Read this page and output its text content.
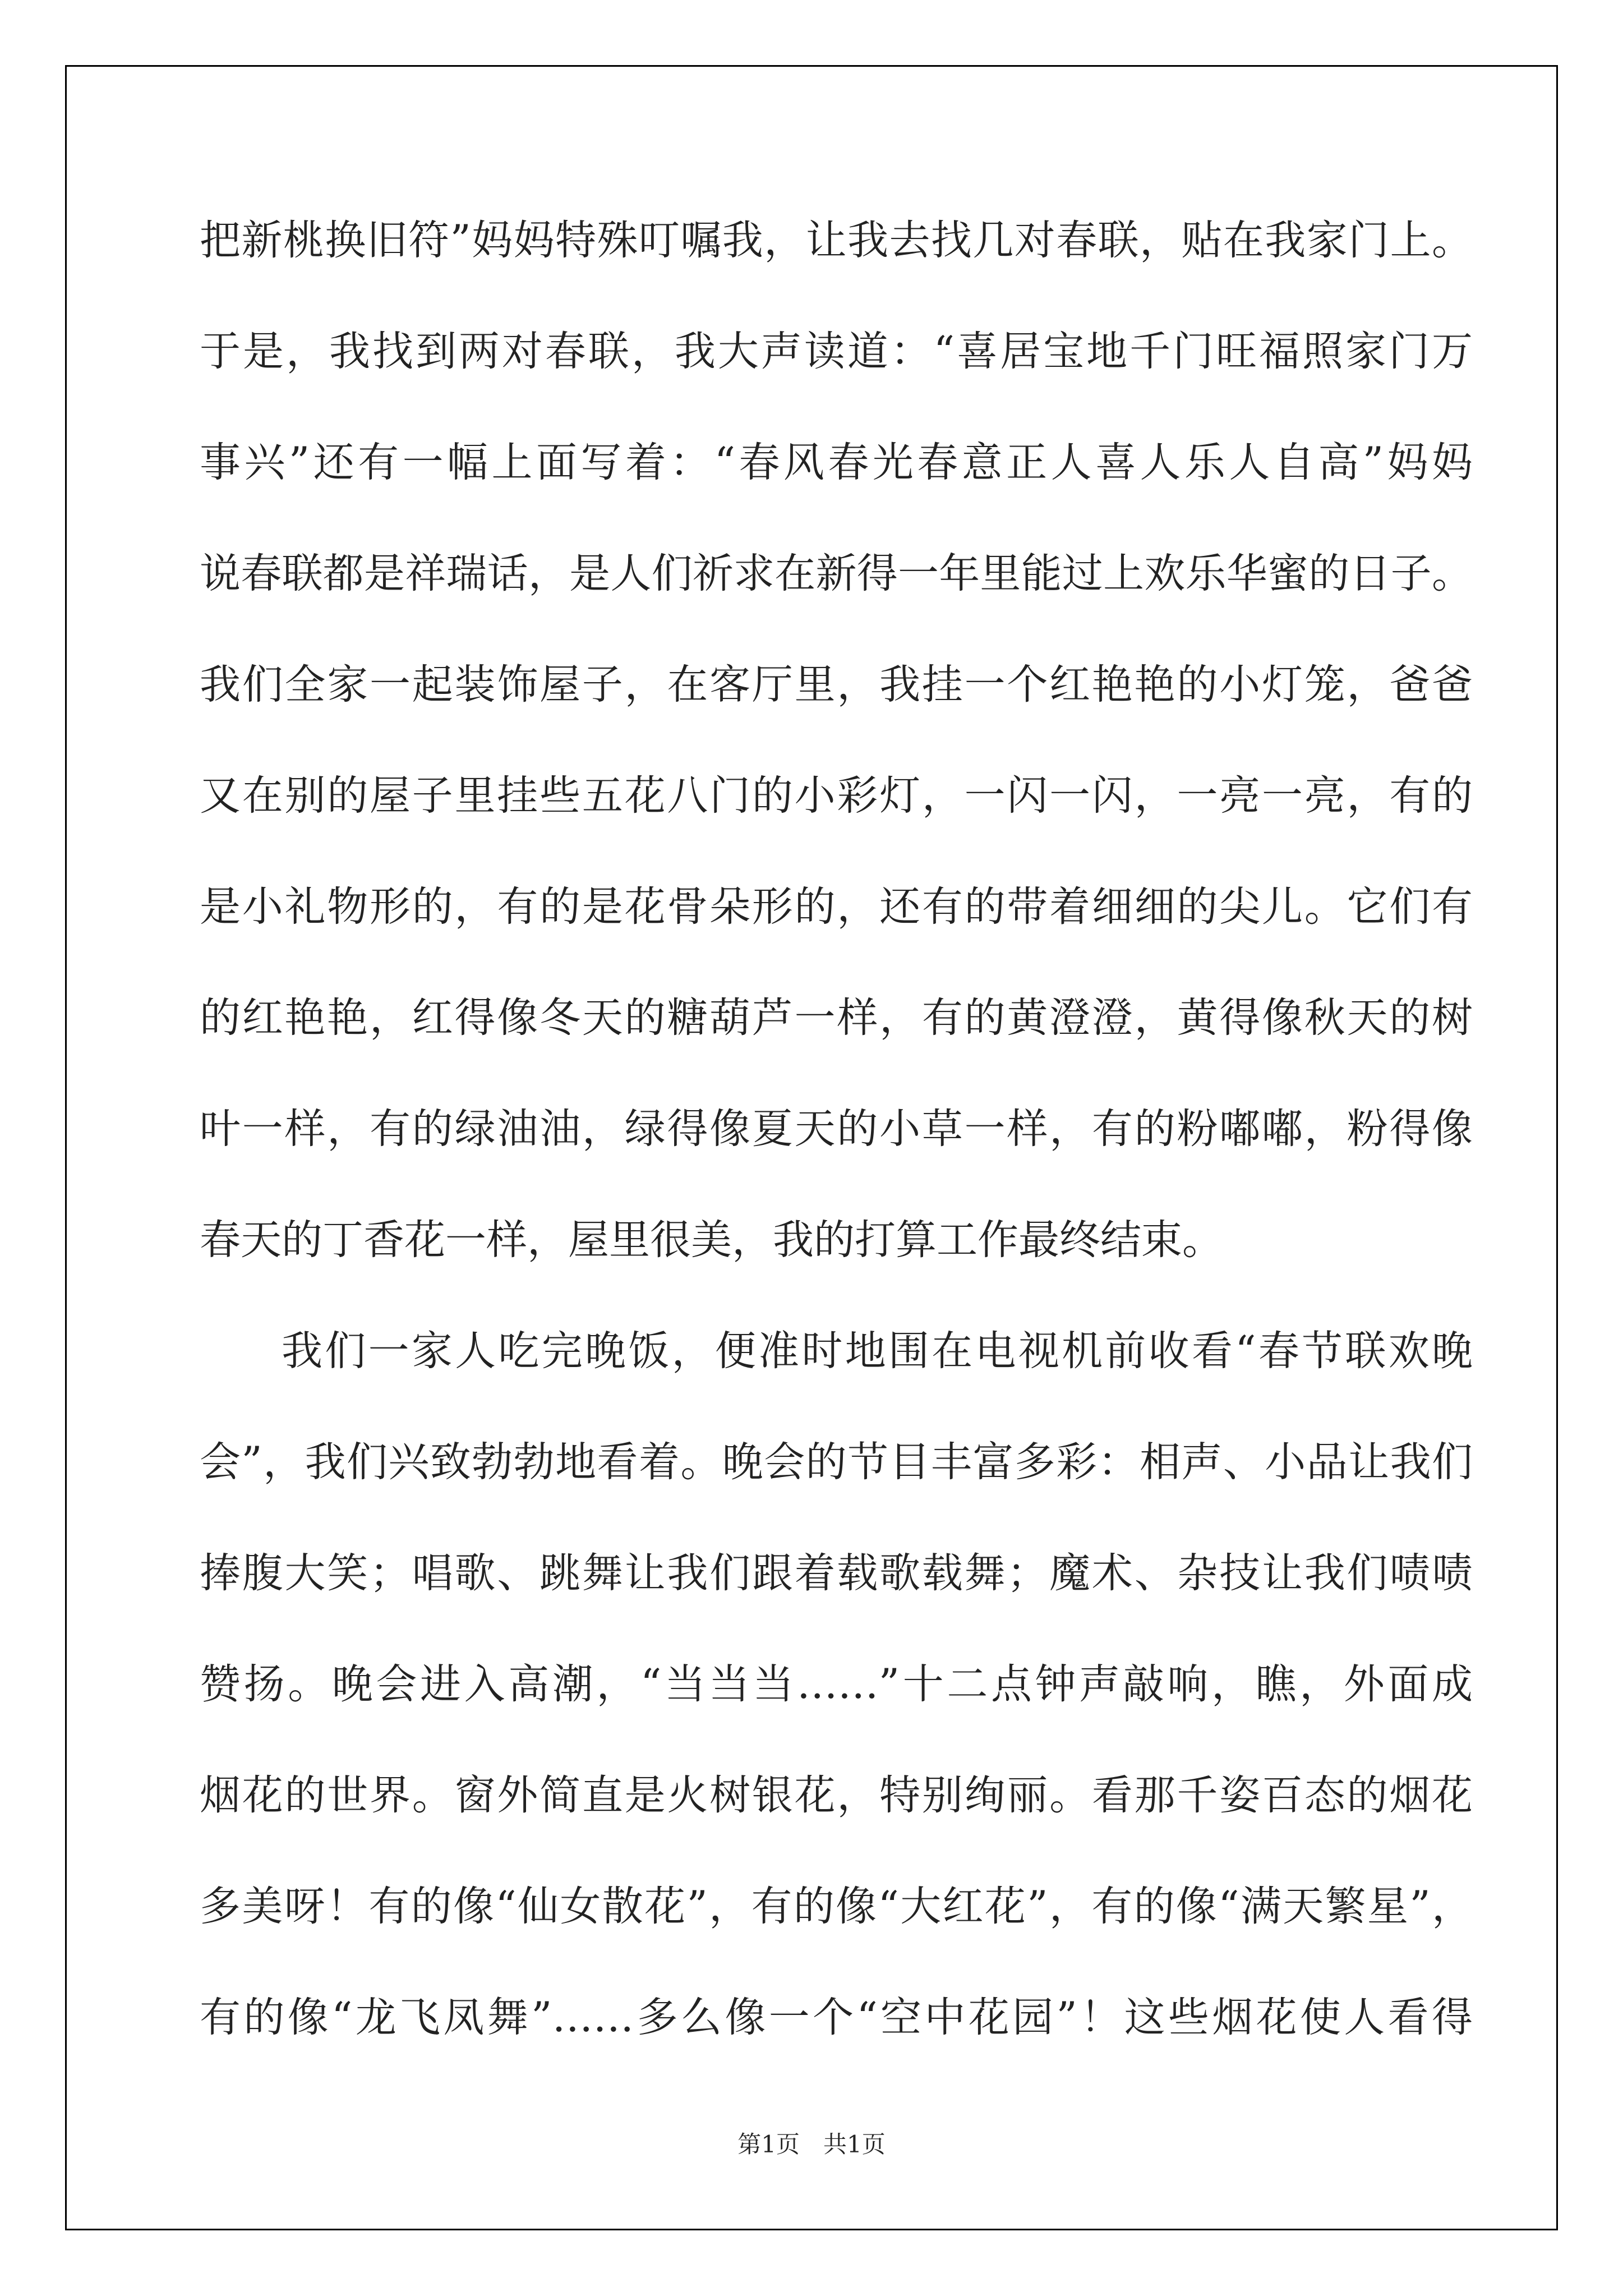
把新桃换旧符”妈妈特殊叮嘱我，让我去找几对春联，贴在我家门上。
于是，我找到两对春联，我大声读道：“喜居宝地千门旺福照家门万
事兴”还有一幅上面写着：“春风春光春意正人喜人乐人自高”妈妈
说春联都是祥瑞话，是人们祈求在新得一年里能过上欢乐华蜜的日子。
我们全家一起装饰屋子，在客厅里，我挂一个红艳艳的小灯笼，爸爸
又在别的屋子里挂些五花八门的小彩灯，一闪一闪，一亮一亮，有的
是小礼物形的，有的是花骨朵形的，还有的带着细细的尖儿。它们有
的红艳艳，红得像冬天的糖葫芦一样，有的黄澄澄，黄得像秋天的树
叶一样，有的绿油油，绿得像夏天的小草一样，有的粉嘟嘟，粉得像
春天的丁香花一样，屋里很美，我的打算工作最终结束。
我们一家人吃完晚饭，便准时地围在电视机前收看“春节联欢晚
会”，我们兴致勃勃地看着。晚会的节目丰富多彩：相声、小品让我们
捧腹大笑；唱歌、跳舞让我们跟着载歌载舞；魔术、杂技让我们啧啧
赞扬。晚会进入高潮，“当当当……”十二点钟声敲响，瞧，外面成
烟花的世界。窗外简直是火树银花，特别绚丽。看那千姿百态的烟花
多美呀！有的像“仙女散花”，有的像“大红花”，有的像“满天繁星”，
有的像“龙飞凤舞”……多么像一个“空中花园”！这些烟花使人看得
第1页　共1页
